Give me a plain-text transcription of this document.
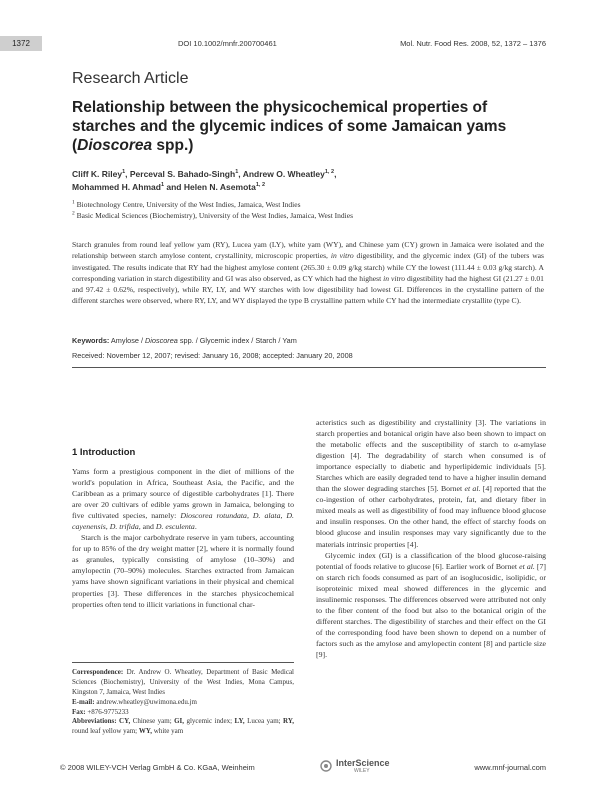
1372	DOI 10.1002/mnfr.200700461	Mol. Nutr. Food Res. 2008, 52, 1372 – 1376
Research Article
Relationship between the physicochemical properties of starches and the glycemic indices of some Jamaican yams (Dioscorea spp.)
Cliff K. Riley$^1$, Perceval S. Bahado-Singh$^1$, Andrew O. Wheatley$^{1, 2}$,
Mohammed H. Ahmad$^1$ and Helen N. Asemota$^{1, 2}$
$^1$ Biotechnology Centre, University of the West Indies, Jamaica, West Indies
$^2$ Basic Medical Sciences (Biochemistry), University of the West Indies, Jamaica, West Indies
Starch granules from round leaf yellow yam (RY), Lucea yam (LY), white yam (WY), and Chinese yam (CY) grown in Jamaica were isolated and the relationship between starch amylose content, crystallinity, microscopic properties, in vitro digestibility, and the glycemic index (GI) of the tubers was investigated. The results indicate that RY had the highest amylose content (265.30 ± 0.09 g/kg starch) while CY the lowest (111.44 ± 0.03 g/kg starch). A corresponding variation in starch digestibility and GI was also observed, as CY which had the highest in vitro digestibility had the highest GI (21.27 ± 0.01 and 97.42 ± 0.62%, respectively), while RY, LY, and WY starches with low digestibility had lowest GI. Differences in the crystalline pattern of the different starches were observed, where RY, LY, and WY displayed the type B crystalline pattern while CY had the intermediate crystallite (type C).
Keywords: Amylose / Dioscorea spp. / Glycemic index / Starch / Yam
Received: November 12, 2007; revised: January 16, 2008; accepted: January 20, 2008
1 Introduction

Yams form a prestigious component in the diet of millions of the world's population in Africa, Southeast Asia, the Pacific, and the Caribbean as a primary source of digestible carbohydrates [1]. There are over 20 cultivars of edible yams grown in Jamaica, belonging to five cultivated species, namely: Dioscorea rotundata, D. alata, D. cayenensis, D. trifida, and D. esculenta.

Starch is the major carbohydrate reserve in yam tubers, accounting for up to 85% of the dry weight matter [2], where it is normally found as granules, typically consisting of amylose (10–30%) and amylopectin (70–90%) molecules. Starches extracted from Jamaican yams have shown significant variations in their physical and chemical properties [3]. These differences in the starches physicochemical properties often tend to illicit variations in functional char-

acteristics such as digestibility and crystallinity [3]. The variations in starch properties and botanical origin have also been shown to impact on the metabolic effects and the susceptibility of starch to α-amylase digestion [4]. The degradability of starch when consumed is of importance especially to diabetic and hyperlipidemic individuals [5]. Starches which are easily degraded tend to have a higher insulin demand than the slower degrading starches [5]. Bornet et al. [4] reported that the co-ingestion of other carbohydrates, protein, fat, and dietary fiber in mixed meals as well as digestibility of food may influence blood glucose and insulin responses. On the other hand, the effect of starchy foods on blood glucose and insulin responses may vary significantly due to the materials intrinsic properties [4].

Glycemic index (GI) is a classification of the blood glucose-raising potential of foods relative to glucose [6]. Earlier work of Bornet et al. [7] on starch rich foods consumed as part of an isoglucosidic, isolipidic, or isoproteinic mixed meal showed differences in the glycemic and insulinemic responses. The differences observed were attributed not only to the fiber content of the food but also to the botanical origin of the different starches. The digestibility of starches and their effect on the GI of the corresponding food have been shown to depend on a number of factors such as the amylose and amylopectin content [8] and particle size [9].

Correspondence: Dr. Andrew O. Wheatley, Department of Basic Medical Sciences (Biochemistry), University of the West Indies, Mona Campus, Kingston 7, Jamaica, West Indies
E-mail: andrew.wheatley@uwimona.edu.jm
Fax: +876-9775233
Abbreviations: CY, Chinese yam; GI, glycemic index; LY, Lucea yam; RY, round leaf yellow yam; WY, white yam
© 2008 WILEY-VCH Verlag GmbH & Co. KGaA, Weinheim	InterScience
WILEY	www.mnf-journal.com
